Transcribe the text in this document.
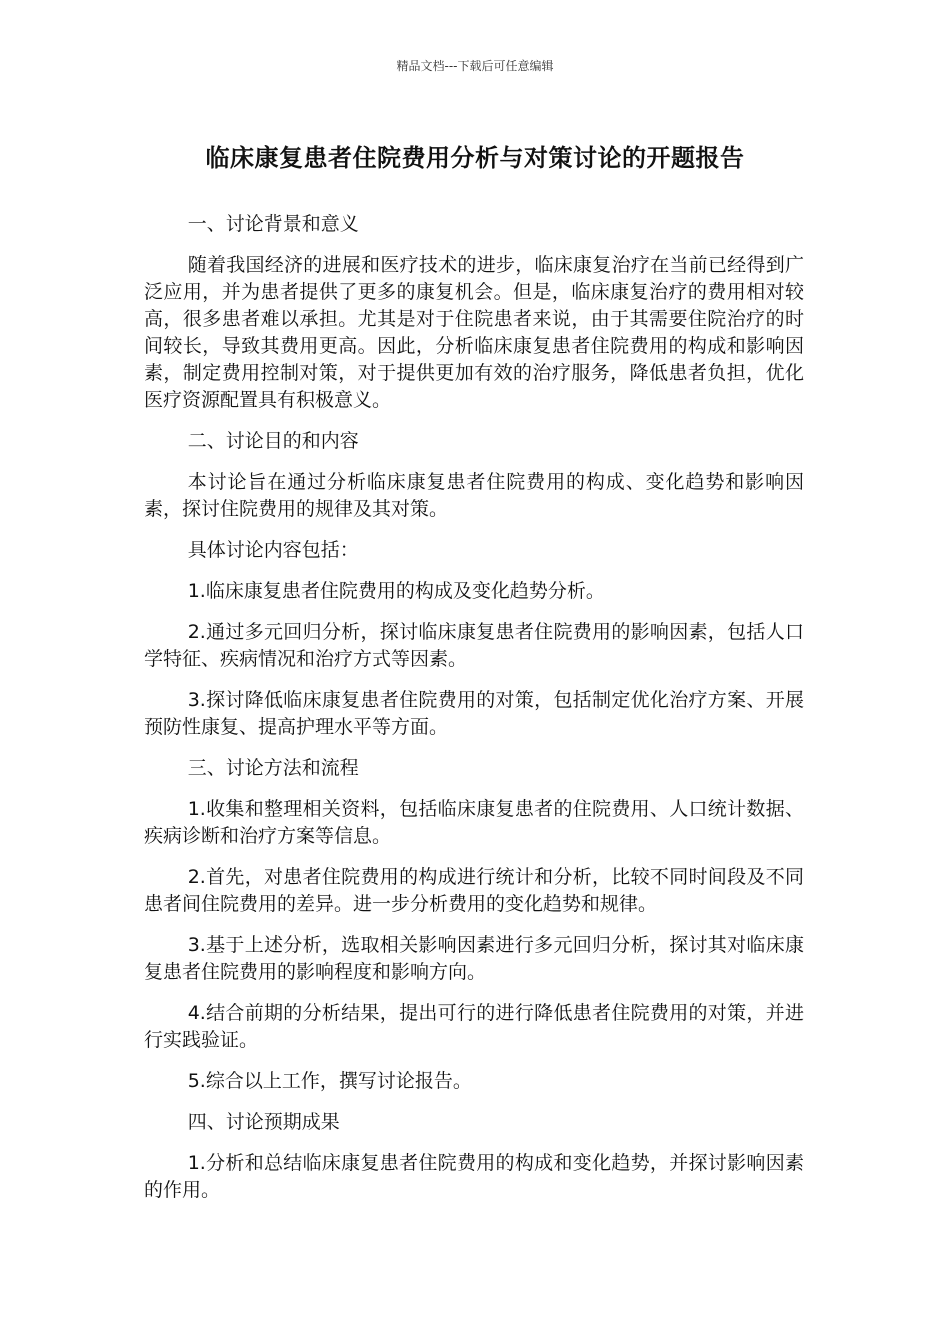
精品文档---下载后可任意编辑
临床康复患者住院费用分析与对策讨论的开题报告

一、讨论背景和意义

随着我国经济的进展和医疗技术的进步，临床康复治疗在当前已经得到广泛应用，并为患者提供了更多的康复机会。但是，临床康复治疗的费用相对较高，很多患者难以承担。尤其是对于住院患者来说，由于其需要住院治疗的时间较长，导致其费用更高。因此，分析临床康复患者住院费用的构成和影响因素，制定费用控制对策，对于提供更加有效的治疗服务，降低患者负担，优化医疗资源配置具有积极意义。

二、讨论目的和内容

本讨论旨在通过分析临床康复患者住院费用的构成、变化趋势和影响因素，探讨住院费用的规律及其对策。

具体讨论内容包括：

1.临床康复患者住院费用的构成及变化趋势分析。

2.通过多元回归分析，探讨临床康复患者住院费用的影响因素，包括人口学特征、疾病情况和治疗方式等因素。

3.探讨降低临床康复患者住院费用的对策，包括制定优化治疗方案、开展预防性康复、提高护理水平等方面。

三、讨论方法和流程

1.收集和整理相关资料，包括临床康复患者的住院费用、人口统计数据、疾病诊断和治疗方案等信息。

2.首先，对患者住院费用的构成进行统计和分析，比较不同时间段及不同患者间住院费用的差异。进一步分析费用的变化趋势和规律。

3.基于上述分析，选取相关影响因素进行多元回归分析，探讨其对临床康复患者住院费用的影响程度和影响方向。

4.结合前期的分析结果，提出可行的进行降低患者住院费用的对策，并进行实践验证。

5.综合以上工作，撰写讨论报告。

四、讨论预期成果

1.分析和总结临床康复患者住院费用的构成和变化趋势，并探讨影响因素的作用。
